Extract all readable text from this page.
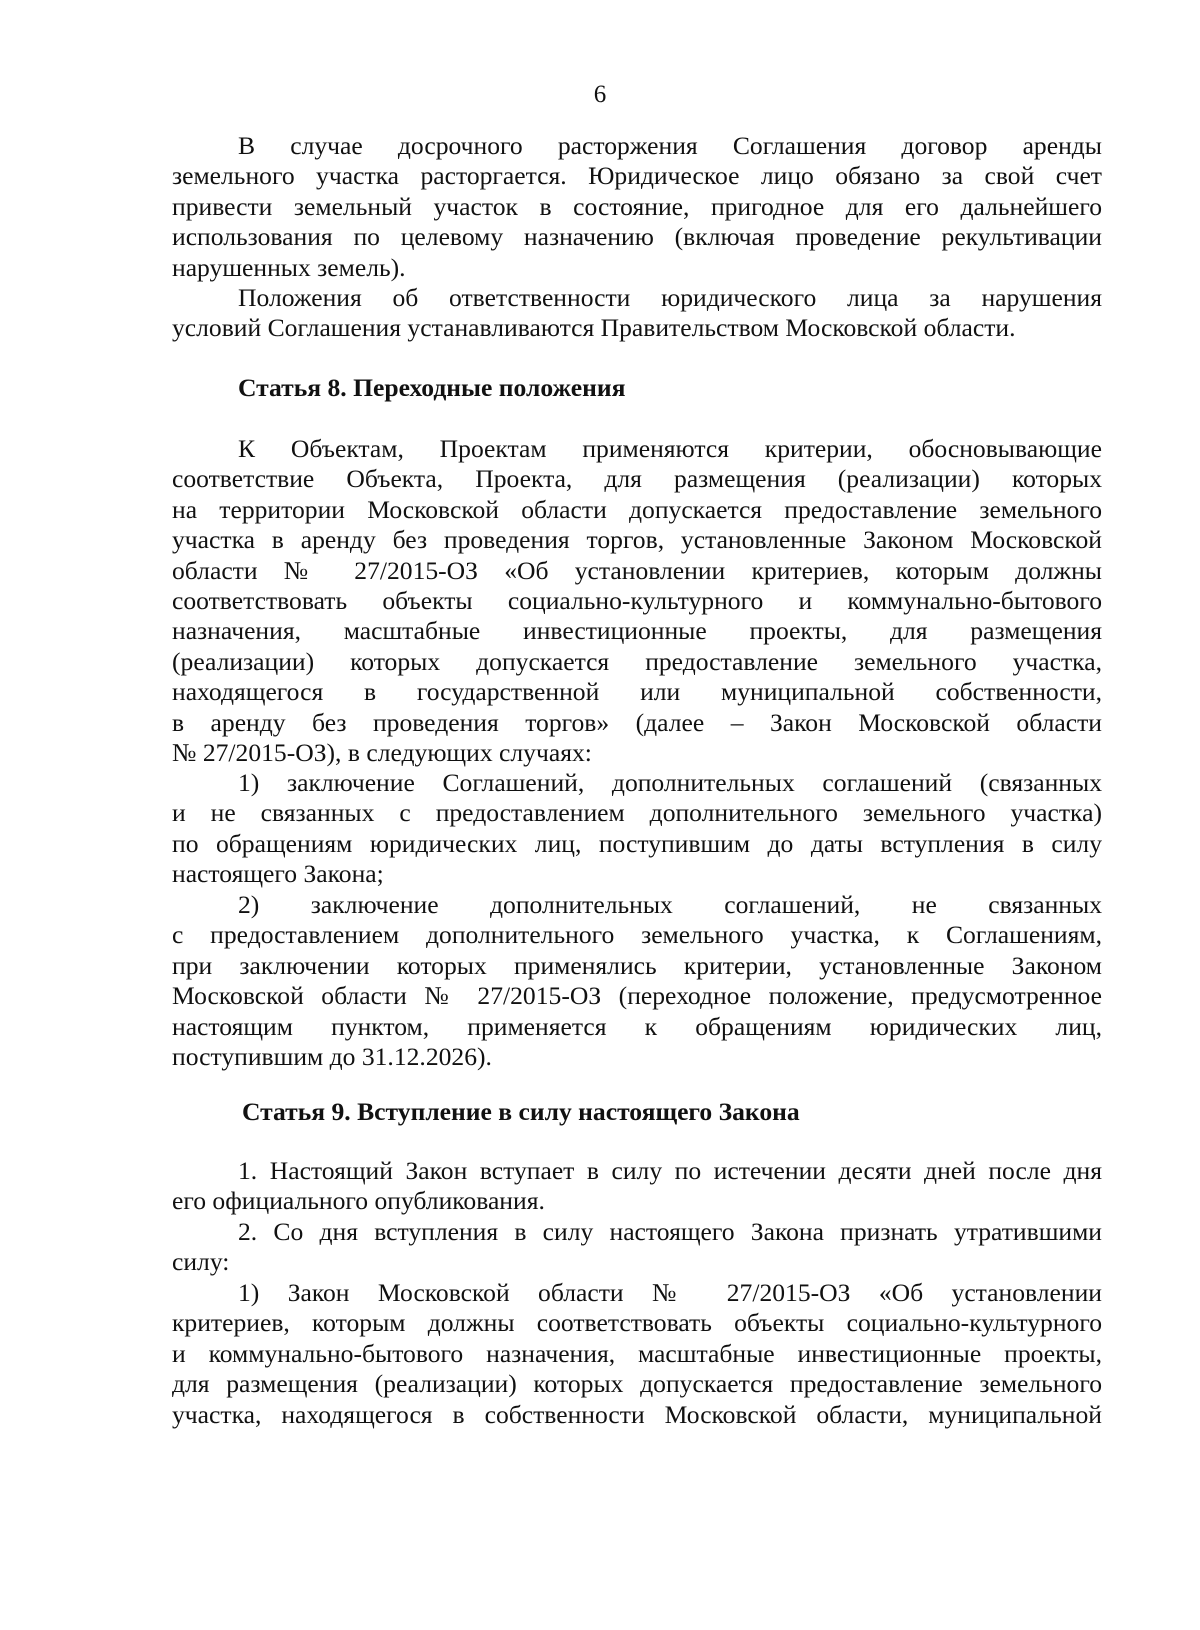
6
В случае досрочного расторжения Соглашения договор аренды
земельного участка расторгается. Юридическое лицо обязано за свой счет
привести земельный участок в состояние, пригодное для его дальнейшего
использования по целевому назначению (включая проведение рекультивации
нарушенных земель).
Положения об ответственности юридического лица за нарушения
условий Соглашения устанавливаются Правительством Московской области.
Статья 8. Переходные положения
К Объектам, Проектам применяются критерии, обосновывающие
соответствие Объекта, Проекта, для размещения (реализации) которых
на территории Московской области допускается предоставление земельного
участка в аренду без проведения торгов, установленные Законом Московской
области № 27/2015-ОЗ «Об установлении критериев, которым должны
соответствовать объекты социально-культурного и коммунально-бытового
назначения, масштабные инвестиционные проекты, для размещения
(реализации) которых допускается предоставление земельного участка,
находящегося в государственной или муниципальной собственности,
в аренду без проведения торгов» (далее – Закон Московской области
№ 27/2015-ОЗ), в следующих случаях:
1) заключение Соглашений, дополнительных соглашений (связанных
и не связанных с предоставлением дополнительного земельного участка)
по обращениям юридических лиц, поступившим до даты вступления в силу
настоящего Закона;
2) заключение дополнительных соглашений, не связанных
с предоставлением дополнительного земельного участка, к Соглашениям,
при заключении которых применялись критерии, установленные Законом
Московской области № 27/2015-ОЗ (переходное положение, предусмотренное
настоящим пунктом, применяется к обращениям юридических лиц,
поступившим до 31.12.2026).
Статья 9. Вступление в силу настоящего Закона
1. Настоящий Закон вступает в силу по истечении десяти дней после дня
его официального опубликования.
2. Со дня вступления в силу настоящего Закона признать утратившими
силу:
1) Закон Московской области № 27/2015-ОЗ «Об установлении
критериев, которым должны соответствовать объекты социально-культурного
и коммунально-бытового назначения, масштабные инвестиционные проекты,
для размещения (реализации) которых допускается предоставление земельного
участка, находящегося в собственности Московской области, муниципальной
